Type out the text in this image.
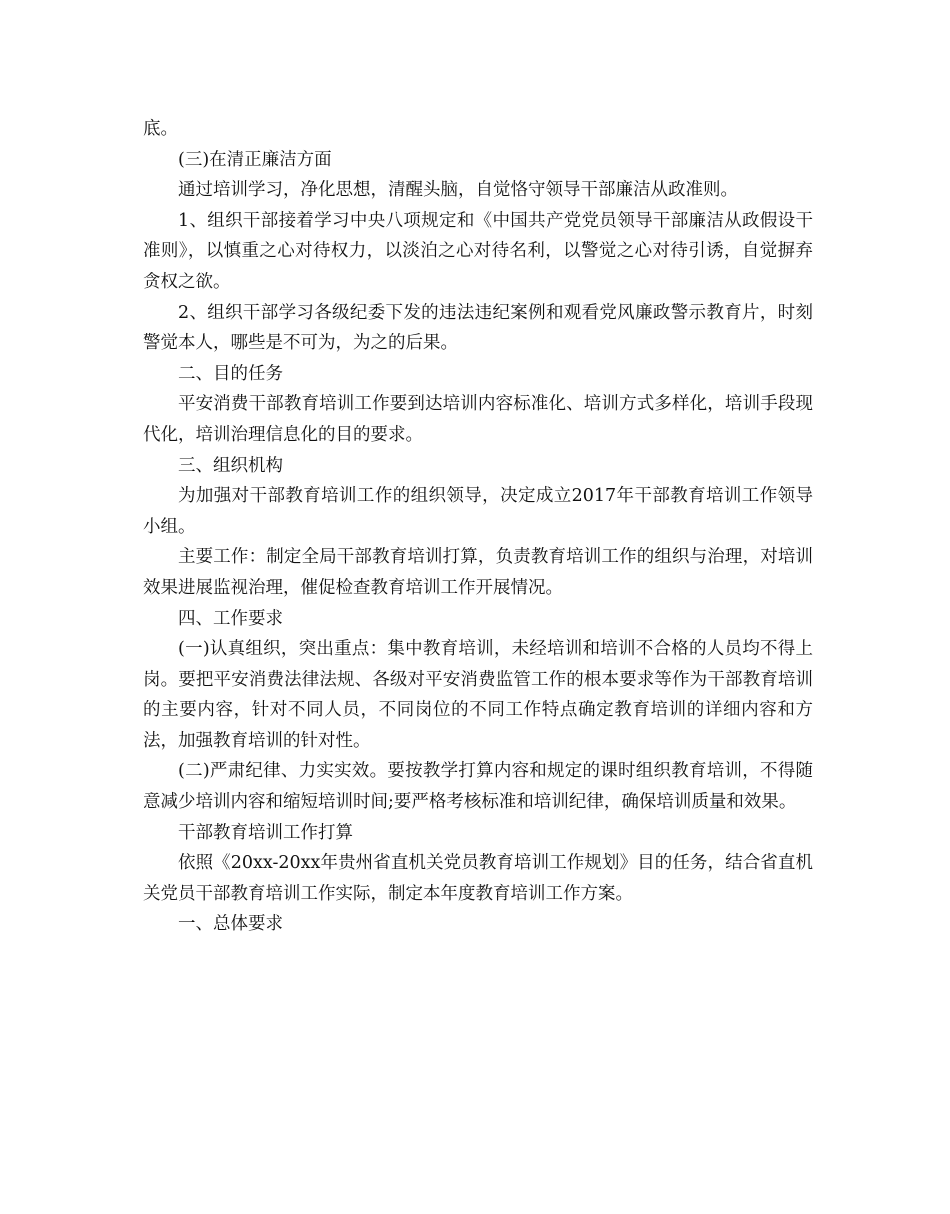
底。

(三)在清正廉洁方面

通过培训学习，净化思想，清醒头脑，自觉恪守领导干部廉洁从政准则。

1、组织干部接着学习中央八项规定和《中国共产党党员领导干部廉洁从政假设干准则》，以慎重之心对待权力，以淡泊之心对待名利，以警觉之心对待引诱，自觉摒弃贪权之欲。

2、组织干部学习各级纪委下发的违法违纪案例和观看党风廉政警示教育片，时刻警觉本人，哪些是不可为，为之的后果。

二、目的任务

平安消费干部教育培训工作要到达培训内容标准化、培训方式多样化，培训手段现代化，培训治理信息化的目的要求。

三、组织机构

为加强对干部教育培训工作的组织领导，决定成立2017年干部教育培训工作领导小组。

主要工作：制定全局干部教育培训打算，负责教育培训工作的组织与治理，对培训效果进展监视治理，催促检查教育培训工作开展情况。

四、工作要求

(一)认真组织，突出重点：集中教育培训，未经培训和培训不合格的人员均不得上岗。要把平安消费法律法规、各级对平安消费监管工作的根本要求等作为干部教育培训的主要内容，针对不同人员，不同岗位的不同工作特点确定教育培训的详细内容和方法，加强教育培训的针对性。

(二)严肃纪律、力实实效。要按教学打算内容和规定的课时组织教育培训，不得随意减少培训内容和缩短培训时间;要严格考核标准和培训纪律，确保培训质量和效果。

干部教育培训工作打算

依照《20xx-20xx年贵州省直机关党员教育培训工作规划》目的任务，结合省直机关党员干部教育培训工作实际，制定本年度教育培训工作方案。

一、总体要求
